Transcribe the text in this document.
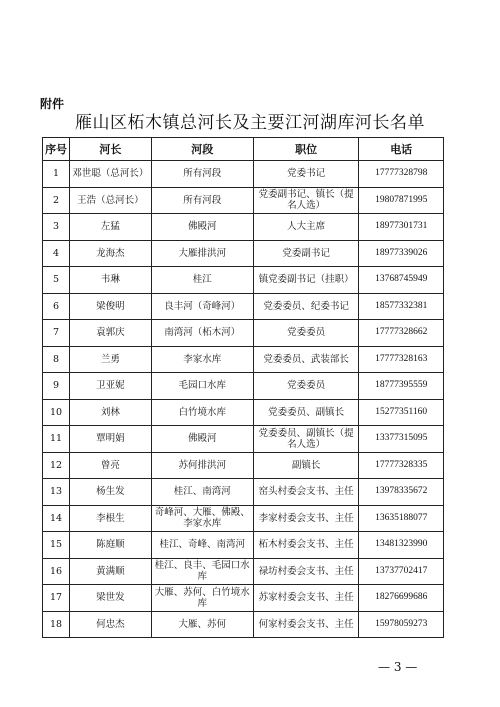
附件
雁山区柘木镇总河长及主要江河湖库河长名单
序号	河长	河段	职位	电话
1	邓世聪（总河长）	所有河段	党委书记	17777328798
2	王浩（总河长）	所有河段	党委副书记、镇长（提名人选）	19807871995
3	左猛	佛殿河	人大主席	18977301731
4	龙海杰	大雁排洪河	党委副书记	18977339026
5	韦琳	桂江	镇党委副书记（挂职）	13768745949
6	梁俊明	良丰河（奇峰河）	党委委员、纪委书记	18577332381
7	袁郭庆	南湾河（柘木河）	党委委员	17777328662
8	兰勇	李家水库	党委委员、武装部长	17777328163
9	卫亚妮	毛园口水库	党委委员	18777395559
10	刘林	白竹境水库	党委委员、副镇长	15277351160
11	覃明娟	佛殿河	党委委员、副镇长（提名人选）	13377315095
12	曾亮	苏何排洪河	副镇长	17777328335
13	杨生发	桂江、南湾河	窑头村委会支书、主任	13978335672
14	李根生	奇峰河、大雁、佛殿、李家水库	李家村委会支书、主任	13635188077
15	陈庭顺	桂江、奇峰、南湾河	柘木村委会支书、主任	13481323990
16	黄满顺	桂江、良丰、毛园口水库	禄坊村委会支书、主任	13737702417
17	梁世发	大雁、苏何、白竹境水库	苏家村委会支书、主任	18276699686
18	何忠杰	大雁、苏何	何家村委会支书、主任	15978059273
— 3 —
